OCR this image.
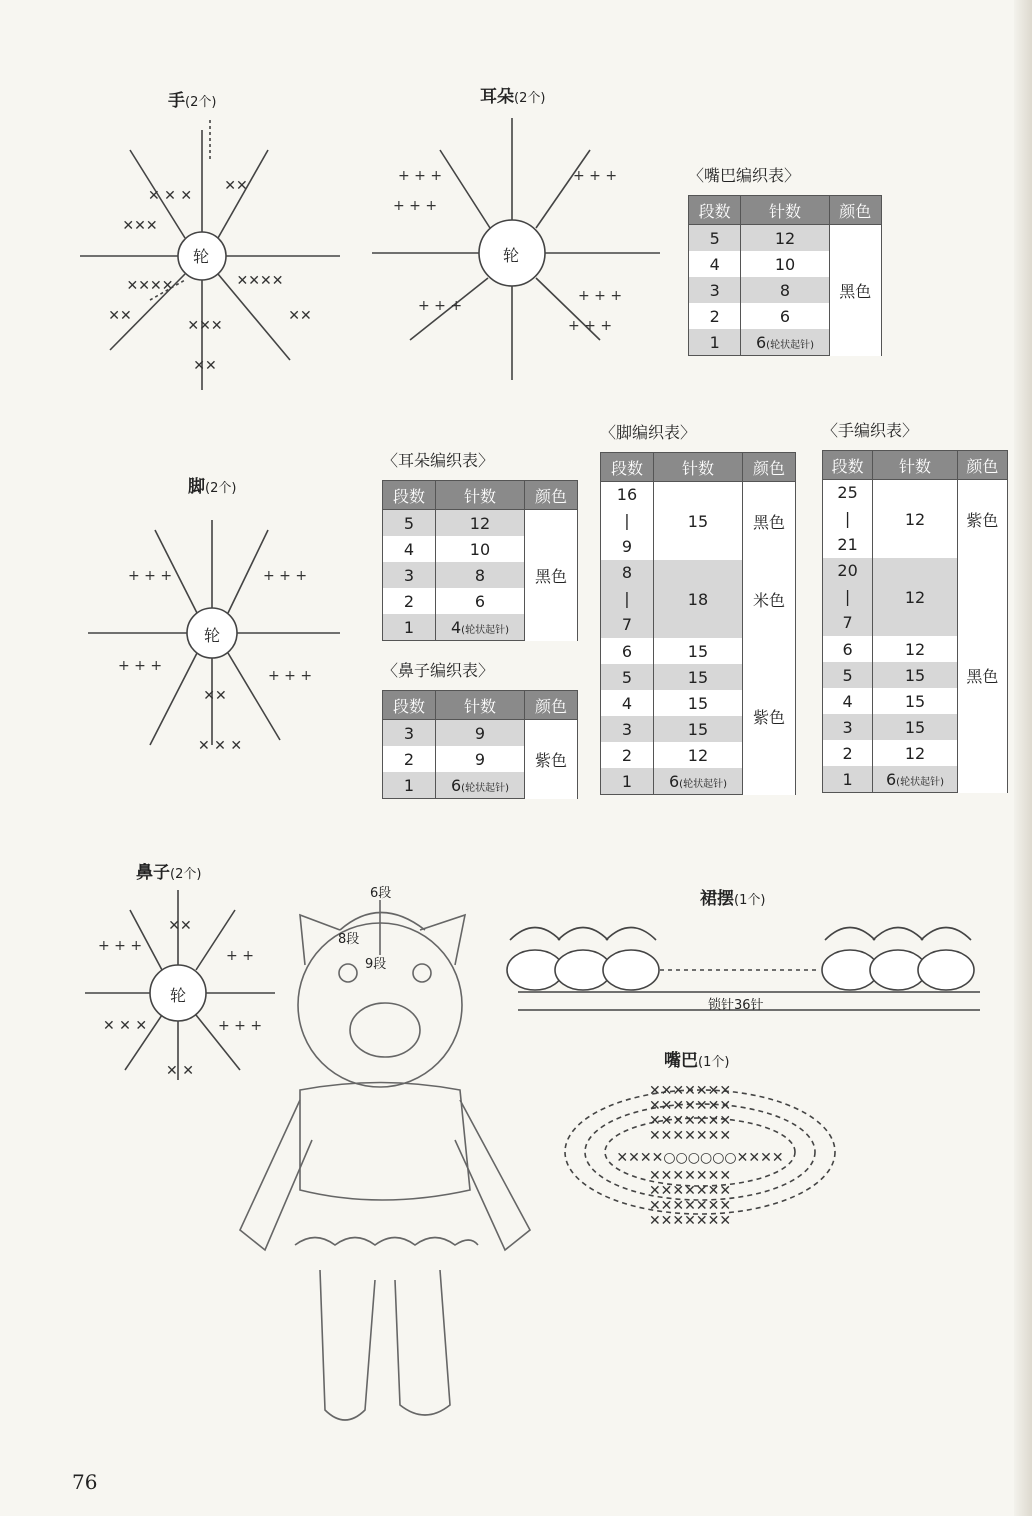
手(2个)	耳朵(2个)
脚(2个)
鼻子(2个)
裙摆(1个)
嘴巴(1个)
✕ ✕ ✕
✕✕
✕✕✕
✕✕✕✕	✕✕✕✕
✕✕✕
✕✕	✕✕
✕✕
+ + +
+ + +
+ + +
+ + +
+ + +
+ + +
+ + +	+ + +
+ + +
+ + +
✕✕
✕ ✕ ✕
+ + +
+ +
✕✕
✕ ✕ ✕	+ + +
✕ ✕
✕✕✕✕✕✕✕
✕✕✕✕✕✕✕
✕✕✕✕✕✕✕
✕✕✕✕✕✕✕
✕✕✕✕○○○○○○✕✕✕✕
✕✕✕✕✕✕✕
✕✕✕✕✕✕✕
✕✕✕✕✕✕✕
✕✕✕✕✕✕✕
轮	轮
轮
轮
锁针36针
6段
8段
9段
〈嘴巴编织表〉
段数	针数	颜色
5	12	黑色
4	10	
3	8	
2	6	
1	6(轮状起针)	
〈耳朵编织表〉
段数	针数	颜色
5	12	黑色
4	10	
3	8	
2	6	
1	4(轮状起针)	
〈鼻子编织表〉
段数	针数	颜色
3	9	紫色
2	9	
1	6(轮状起针)	
〈脚编织表〉
段数	针数	颜色

16
|
9	15	黑色

8
|
7	18	米色
6	15	紫色
5	15	
4	15	
3	15	
2	12	
1	6(轮状起针)	
〈手编织表〉
段数	针数	颜色

25
|
21	12	紫色

20
|
7	12	黑色
6	12	
5	15	
4	15	
3	15	
2	12	
1	6(轮状起针)	
76
